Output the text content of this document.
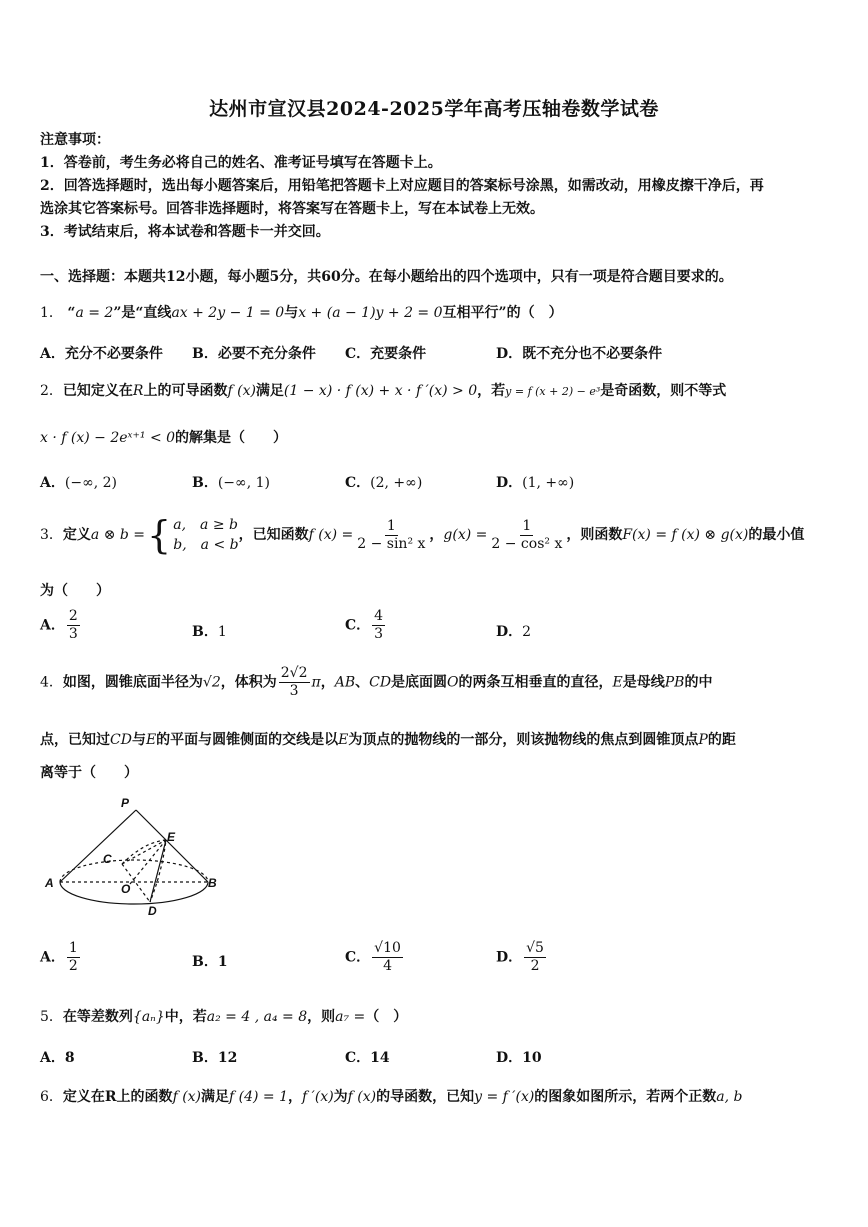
达州市宣汉县2024-2025学年高考压轴卷数学试卷
注意事项：
1．答卷前，考生务必将自己的姓名、准考证号填写在答题卡上。
2．回答选择题时，选出每小题答案后，用铅笔把答题卡上对应题目的答案标号涂黑，如需改动，用橡皮擦干净后，再
选涂其它答案标号。回答非选择题时，将答案写在答题卡上，写在本试卷上无效。
3．考试结束后，将本试卷和答题卡一并交回。
一、选择题：本题共12小题，每小题5分，共60分。在每小题给出的四个选项中，只有一项是符合题目要求的。
1． “a = 2”是“直线ax + 2y − 1 = 0与x + (a − 1)y + 2 = 0互相平行”的（　）
A．充分不必要条件 B．必要不充分条件 C．充要条件	D．既不充分也不必要条件
2．已知定义在R上的可导函数f (x)满足(1 − x) · f (x) + x · f ′(x) > 0，若y = f (x + 2) − e³是奇函数，则不等式
x · f (x) − 2eˣ⁺¹ < 0的解集是（　　）
A．(−∞, 2)	B．(−∞, 1)	C．(2, +∞)	D．(1, +∞)
3．定义a ⊗ b ={ a,　a ≥ b
b,　a < b
，已知函数f $(x) = \frac{1}{\text{2 − sin² x}}$ ，$g(x) = \frac{1}{\text{2 − cos² x}}$ ，则函数F(x) = f (x) ⊗ g(x)的最小值
为（　　）
A． $\frac{2}{3}$	B．1	C． $\frac{4}{3}$	D．2
4．如图，圆锥底面半径为√2，体积为 $\frac{2√2}{3}$ π，AB、CD是底面圆O的两条互相垂直的直径，E是母线PB的中
点，已知过CD与E的平面与圆锥侧面的交线是以E为顶点的抛物线的一部分，则该抛物线的焦点到圆锥顶点P的距
离等于（　　）
P
E
C
A	O	B
D
A． $\frac{1}{2}$	B．1	C． $\frac{√10}{4}$	D． $\frac{√5}{2}$
5．在等差数列{aₙ}中，若a₂ = 4 , a₄ = 8，则a₇ =（　）
A．8	B．12	C．14	D．10
6．定义在R上的函数f (x)满足f (4) = 1，f ′(x)为f (x)的导函数，已知y = f ′(x)的图象如图所示，若两个正数a, b
